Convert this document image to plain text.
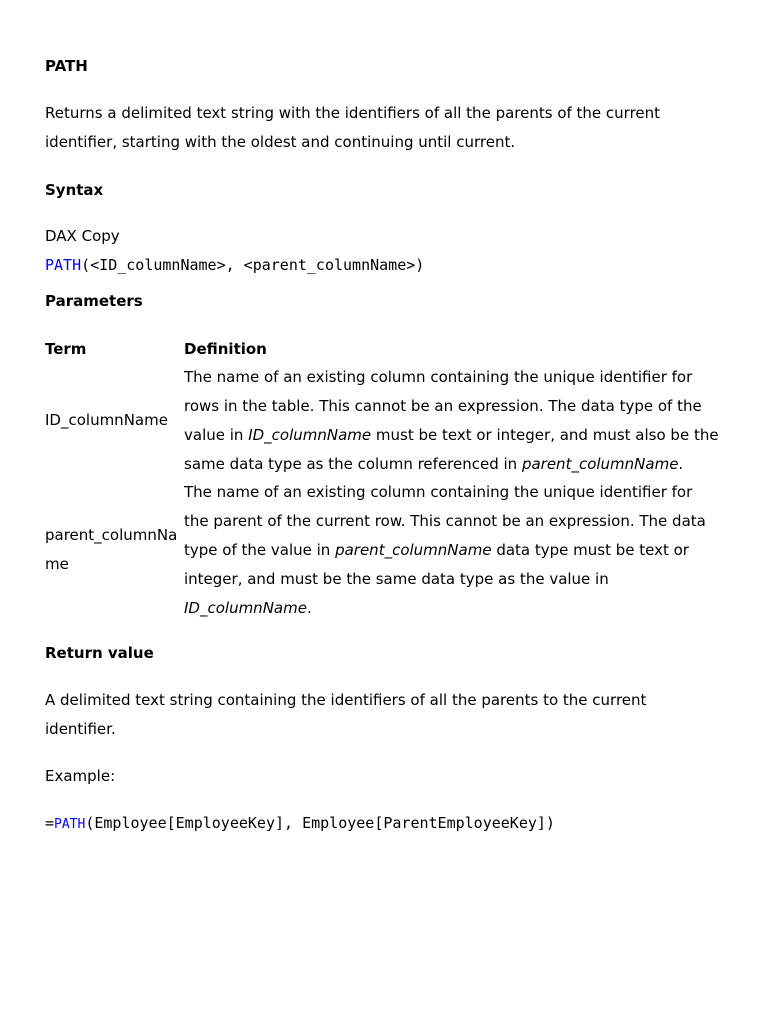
PATH
Returns a delimited text string with the identifiers of all the parents of the current
identifier, starting with the oldest and continuing until current.
Syntax
DAX Copy
PATH(<ID_columnName>, <parent_columnName>)
Parameters
Term	Definition
ID_columnName
The name of an existing column containing the unique identifier for
rows in the table. This cannot be an expression. The data type of the
value in ID_columnName must be text or integer, and must also be the
same data type as the column referenced in parent_columnName.
parent_columnNa
me
The name of an existing column containing the unique identifier for
the parent of the current row. This cannot be an expression. The data
type of the value in parent_columnName data type must be text or
integer, and must be the same data type as the value in
ID_columnName.
Return value
A delimited text string containing the identifiers of all the parents to the current
identifier.
Example:
=PATH(Employee[EmployeeKey], Employee[ParentEmployeeKey])
